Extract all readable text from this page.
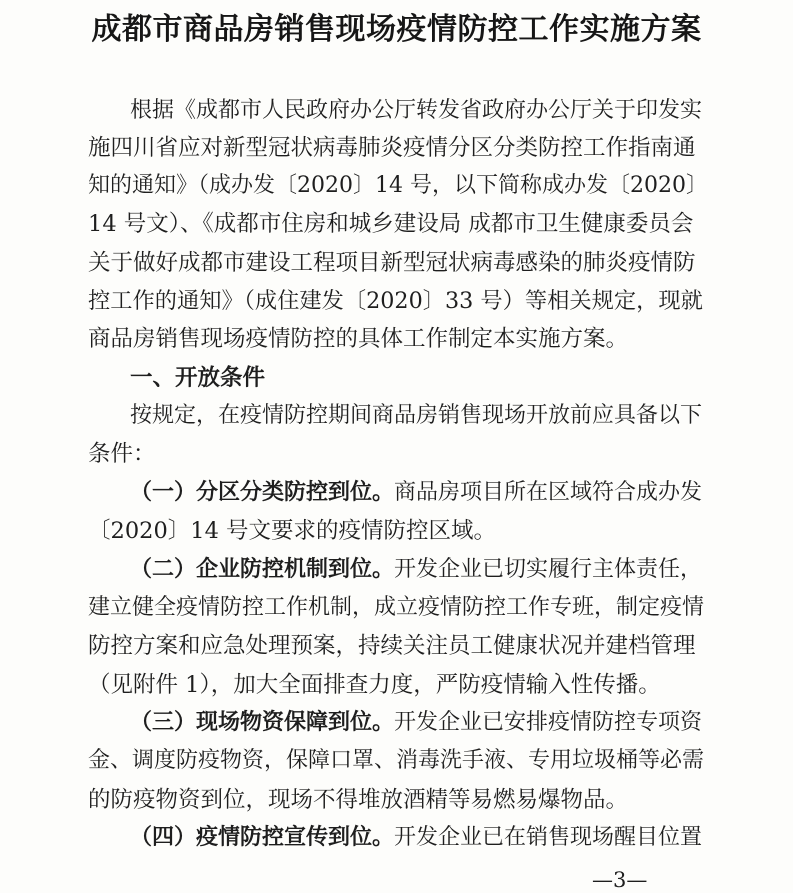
成都市商品房销售现场疫情防控工作实施方案
根据《成都市人民政府办公厅转发省政府办公厅关于印发实
施四川省应对新型冠状病毒肺炎疫情分区分类防控工作指南通
知的通知》（成办发〔2020〕14 号，以下简称成办发〔2020〕
14 号文）、《成都市住房和城乡建设局 成都市卫生健康委员会
关于做好成都市建设工程项目新型冠状病毒感染的肺炎疫情防
控工作的通知》（成住建发〔2020〕33 号）等相关规定，现就
商品房销售现场疫情防控的具体工作制定本实施方案。
一、开放条件
按规定，在疫情防控期间商品房销售现场开放前应具备以下
条件：
（一）分区分类防控到位。商品房项目所在区域符合成办发
〔2020〕14 号文要求的疫情防控区域。
（二）企业防控机制到位。开发企业已切实履行主体责任，
建立健全疫情防控工作机制，成立疫情防控工作专班，制定疫情
防控方案和应急处理预案，持续关注员工健康状况并建档管理
（见附件 1），加大全面排查力度，严防疫情输入性传播。
（三）现场物资保障到位。开发企业已安排疫情防控专项资
金、调度防疫物资，保障口罩、消毒洗手液、专用垃圾桶等必需
的防疫物资到位，现场不得堆放酒精等易燃易爆物品。
（四）疫情防控宣传到位。开发企业已在销售现场醒目位置
—3—
